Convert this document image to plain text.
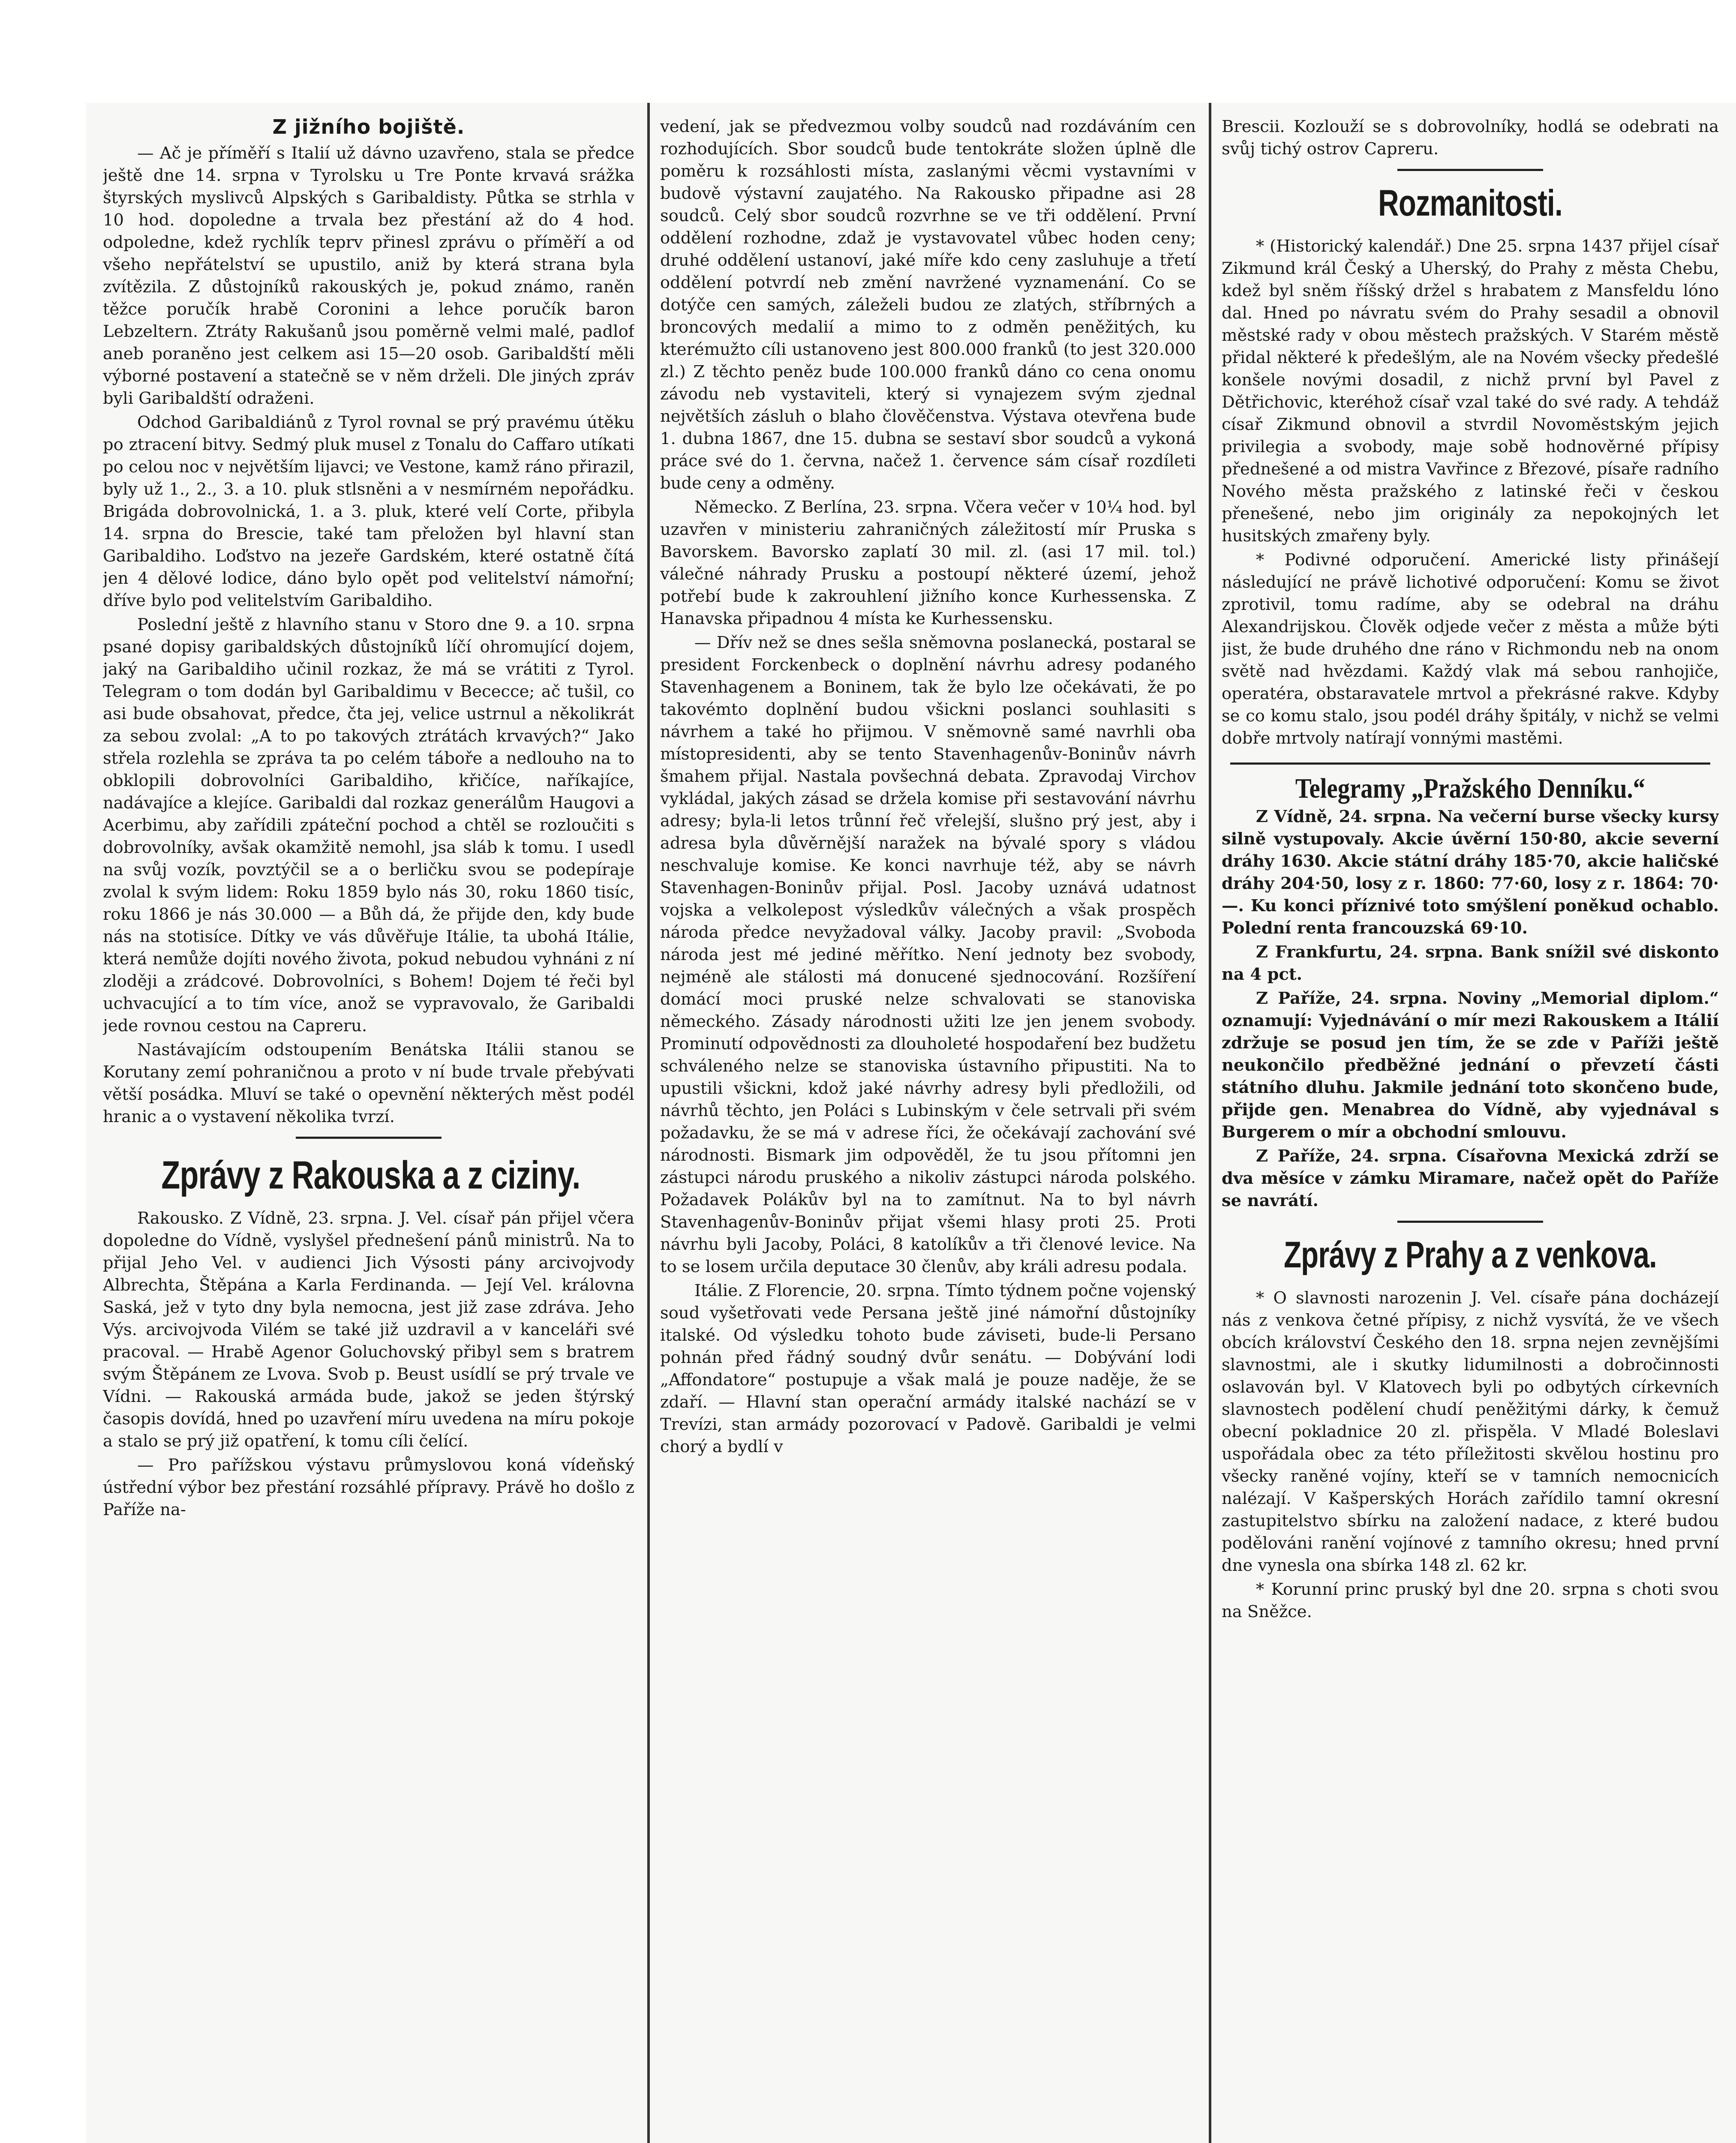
Z jižního bojiště.

— Ač je příměří s Italií už dávno uzavřeno, stala se předce ještě dne 14. srpna v Tyrolsku u Tre Ponte krvavá srážka štyrských myslivců Alpských s Garibaldisty. Půtka se strhla v 10 hod. dopoledne a trvala bez přestání až do 4 hod. odpoledne, kdež rychlík teprv přinesl zprávu o příměří a od všeho nepřátelství se upustilo, aniž by která strana byla zvítězila. Z důstojníků rakouských je, pokud známo, raněn těžce poručík hrabě Coronini a lehce poručík baron Lebzeltern. Ztráty Rakušanů jsou poměrně velmi malé, padlof aneb poraněno jest celkem asi 15—20 osob. Garibaldští měli výborné postavení a statečně se v něm drželi. Dle jiných zpráv byli Garibaldští odraženi.

Odchod Garibaldiánů z Tyrol rovnal se prý pravému útěku po ztracení bitvy. Sedmý pluk musel z Tonalu do Caffaro utíkati po celou noc v největším lijavci; ve Vestone, kamž ráno přirazil, byly už 1., 2., 3. a 10. pluk stlsněni a v nesmírném nepořádku. Brigáda dobrovolnická, 1. a 3. pluk, které velí Corte, přibyla 14. srpna do Brescie, také tam přeložen byl hlavní stan Garibaldiho. Loďstvo na jezeře Gardském, které ostatně čítá jen 4 dělové lodice, dáno bylo opět pod velitelství námořní; dříve bylo pod velitelstvím Garibaldiho.

Poslední ještě z hlavního stanu v Storo dne 9. a 10. srpna psané dopisy garibaldských důstojníků líčí ohromující dojem, jaký na Garibaldiho učinil rozkaz, že má se vrátiti z Tyrol. Telegram o tom dodán byl Garibaldimu v Bececce; ač tušil, co asi bude obsahovat, předce, čta jej, velice ustrnul a několikrát za sebou zvolal: „A to po takových ztrátách krvavých?“ Jako střela rozlehla se zpráva ta po celém táboře a nedlouho na to obklopili dobrovolníci Garibaldiho, křičíce, naříkajíce, nadávajíce a klejíce. Garibaldi dal rozkaz generálům Haugovi a Acerbimu, aby zařídili zpáteční pochod a chtěl se rozloučiti s dobrovolníky, avšak okamžitě nemohl, jsa sláb k tomu. I usedl na svůj vozík, povztýčil se a o berličku svou se podepíraje zvolal k svým lidem: Roku 1859 bylo nás 30, roku 1860 tisíc, roku 1866 je nás 30.000 — a Bůh dá, že přijde den, kdy bude nás na stotisíce. Dítky ve vás důvěřuje Itálie, ta ubohá Itálie, která nemůže dojíti nového života, pokud nebudou vyhnáni z ní zloději a zrádcové. Dobrovolníci, s Bohem! Dojem té řeči byl uchvacující a to tím více, anož se vypravovalo, že Garibaldi jede rovnou cestou na Capreru.

Nastávajícím odstoupením Benátska Itálii stanou se Korutany zemí pohraničnou a proto v ní bude trvale přebývati větší posádka. Mluví se také o opevnění některých měst podél hranic a o vystavení několika tvrzí.

Zprávy z Rakouska a z ciziny.

Rakousko. Z Vídně, 23. srpna. J. Vel. císař pán přijel včera dopoledne do Vídně, vyslyšel přednešení pánů ministrů. Na to přijal Jeho Vel. v audienci Jich Výsosti pány arcivojvody Albrechta, Štěpána a Karla Ferdinanda. — Její Vel. královna Saská, jež v tyto dny byla nemocna, jest již zase zdráva. Jeho Výs. arcivojvoda Vilém se také již uzdravil a v kanceláři své pracoval. — Hrabě Agenor Goluchovský přibyl sem s bratrem svým Štěpánem ze Lvova. Svob p. Beust usídlí se prý trvale ve Vídni. — Rakouská armáda bude, jakož se jeden štýrský časopis dovídá, hned po uzavření míru uvedena na míru pokoje a stalo se prý již opatření, k tomu cíli čelící.

— Pro pařížskou výstavu průmyslovou koná vídeňský ústřední výbor bez přestání rozsáhlé přípravy. Právě ho došlo z Paříže na-

vedení, jak se předvezmou volby soudců nad rozdáváním cen rozhodujících. Sbor soudců bude tentokráte složen úplně dle poměru k rozsáhlosti místa, zaslanými věcmi vystavními v budově výstavní zaujatého. Na Rakousko připadne asi 28 soudců. Celý sbor soudců rozvrhne se ve tři oddělení. První oddělení rozhodne, zdaž je vystavovatel vůbec hoden ceny; druhé oddělení ustanoví, jaké míře kdo ceny zasluhuje a třetí oddělení potvrdí neb změní navržené vyznamenání. Co se dotýče cen samých, záleželi budou ze zlatých, stříbrných a broncových medalií a mimo to z odměn peněžitých, ku kterémužto cíli ustanoveno jest 800.000 franků (to jest 320.000 zl.) Z těchto peněz bude 100.000 franků dáno co cena onomu závodu neb vystaviteli, který si vynajezem svým zjednal největších zásluh o blaho člověčenstva. Výstava otevřena bude 1. dubna 1867, dne 15. dubna se sestaví sbor soudců a vykoná práce své do 1. června, načež 1. července sám císař rozdíleti bude ceny a odměny.

Německo. Z Berlína, 23. srpna. Včera večer v 10¼ hod. byl uzavřen v ministeriu zahraničných záležitostí mír Pruska s Bavorskem. Bavorsko zaplatí 30 mil. zl. (asi 17 mil. tol.) válečné náhrady Prusku a postoupí některé území, jehož potřebí bude k zakrouhlení jižního konce Kurhessenska. Z Hanavska připadnou 4 místa ke Kurhessensku.

— Dřív než se dnes sešla sněmovna poslanecká, postaral se president Forckenbeck o doplnění návrhu adresy podaného Stavenhagenem a Boninem, tak že bylo lze očekávati, že po takovémto doplnění budou všickni poslanci souhlasiti s návrhem a také ho přijmou. V sněmovně samé navrhli oba místopresidenti, aby se tento Stavenhagenův-Boninův návrh šmahem přijal. Nastala povšechná debata. Zpravodaj Virchov vykládal, jakých zásad se držela komise při sestavování návrhu adresy; byla-li letos trůnní řeč vřelejší, slušno prý jest, aby i adresa byla důvěrnější naražek na bývalé spory s vládou neschvaluje komise. Ke konci navrhuje též, aby se návrh Stavenhagen-Boninův přijal. Posl. Jacoby uznává udatnost vojska a velkolepost výsledkův válečných a však prospěch národa předce nevyžadoval války. Jacoby pravil: „Svoboda národa jest mé jediné měřítko. Není jednoty bez svobody, nejméně ale stálosti má donucené sjednocování. Rozšíření domácí moci pruské nelze schvalovati se stanoviska německého. Zásady národnosti užiti lze jen jenem svobody. Prominutí odpovědnosti za dlouholeté hospodaření bez budžetu schváleného nelze se stanoviska ústavního připustiti. Na to upustili všickni, kdož jaké návrhy adresy byli předložili, od návrhů těchto, jen Poláci s Lubinským v čele setrvali při svém požadavku, že se má v adrese říci, že očekávají zachování své národnosti. Bismark jim odpověděl, že tu jsou přítomni jen zástupci národu pruského a nikoliv zástupci národa polského. Požadavek Polákův byl na to zamítnut. Na to byl návrh Stavenhagenův-Boninův přijat všemi hlasy proti 25. Proti návrhu byli Jacoby, Poláci, 8 katolíkův a tři členové levice. Na to se losem určila deputace 30 členův, aby králi adresu podala.

Itálie. Z Florencie, 20. srpna. Tímto týdnem počne vojenský soud vyšetřovati vede Persana ještě jiné námořní důstojníky italské. Od výsledku tohoto bude záviseti, bude-li Persano pohnán před řádný soudný dvůr senátu. — Dobývání lodi „Affondatore“ postupuje a však malá je pouze naděje, že se zdaří. — Hlavní stan operační armády italské nachází se v Trevízi, stan armády pozorovací v Padově. Garibaldi je velmi chorý a bydlí v

Brescii. Kozlouží se s dobrovolníky, hodlá se odebrati na svůj tichý ostrov Capreru.

Rozmanitosti.

* (Historický kalendář.) Dne 25. srpna 1437 přijel císař Zikmund král Český a Uherský, do Prahy z města Chebu, kdež byl sněm říšský držel s hrabatem z Mansfeldu lóno dal. Hned po návratu svém do Prahy sesadil a obnovil městské rady v obou městech pražských. V Starém městě přidal některé k předešlým, ale na Novém všecky předešlé konšele novými dosadil, z nichž první byl Pavel z Dětřichovic, kteréhož císař vzal také do své rady. A tehdáž císař Zikmund obnovil a stvrdil Novoměstským jejich privilegia a svobody, maje sobě hodnověrné přípisy přednešené a od mistra Vavřince z Březové, písaře radního Nového města pražského z latinské řeči v českou přenešené, nebo jim originály za nepokojných let husitských zmařeny byly.

* Podivné odporučení. Americké listy přinášejí následující ne právě lichotivé odporučení: Komu se život zprotivil, tomu radíme, aby se odebral na dráhu Alexandrijskou. Člověk odjede večer z města a může býti jist, že bude druhého dne ráno v Richmondu neb na onom světě nad hvězdami. Každý vlak má sebou ranhojiče, operatéra, obstaravatele mrtvol a překrásné rakve. Kdyby se co komu stalo, jsou podél dráhy špitály, v nichž se velmi dobře mrtvoly natírají vonnými mastěmi.

Telegramy „Pražského Denníku.“

Z Vídně, 24. srpna. Na večerní burse všecky kursy silně vystupovaly. Akcie úvěrní 150·80, akcie severní dráhy 1630. Akcie státní dráhy 185·70, akcie haličské dráhy 204·50, losy z r. 1860: 77·60, losy z r. 1864: 70·—. Ku konci příznivé toto smýšlení poněkud ochablo. Polední renta francouzská 69·10.

Z Frankfurtu, 24. srpna. Bank snížil své diskonto na 4 pct.

Z Paříže, 24. srpna. Noviny „Memorial diplom.“ oznamují: Vyjednávání o mír mezi Rakouskem a Itálií zdržuje se posud jen tím, že se zde v Paříži ještě neukončilo předběžné jednání o převzetí části státního dluhu. Jakmile jednání toto skončeno bude, přijde gen. Menabrea do Vídně, aby vyjednával s Burgerem o mír a obchodní smlouvu.

Z Paříže, 24. srpna. Císařovna Mexická zdrží se dva měsíce v zámku Miramare, načež opět do Paříže se navrátí.

Zprávy z Prahy a z venkova.

* O slavnosti narozenin J. Vel. císaře pána docházejí nás z venkova četné přípisy, z nichž vysvítá, že ve všech obcích království Českého den 18. srpna nejen zevnějšími slavnostmi, ale i skutky lidumilnosti a dobročinnosti oslavován byl. V Klatovech byli po odbytých církevních slavnostech podělení chudí peněžitými dárky, k čemuž obecní pokladnice 20 zl. přispěla. V Mladé Boleslavi uspořádala obec za této příležitosti skvělou hostinu pro všecky raněné vojíny, kteří se v tamních nemocnicích nalézají. V Kašperských Horách zařídilo tamní okresní zastupitelstvo sbírku na založení nadace, z které budou podělováni ranění vojínové z tamního okresu; hned první dne vynesla ona sbírka 148 zl. 62 kr.

* Korunní princ pruský byl dne 20. srpna s choti svou na Sněžce.
